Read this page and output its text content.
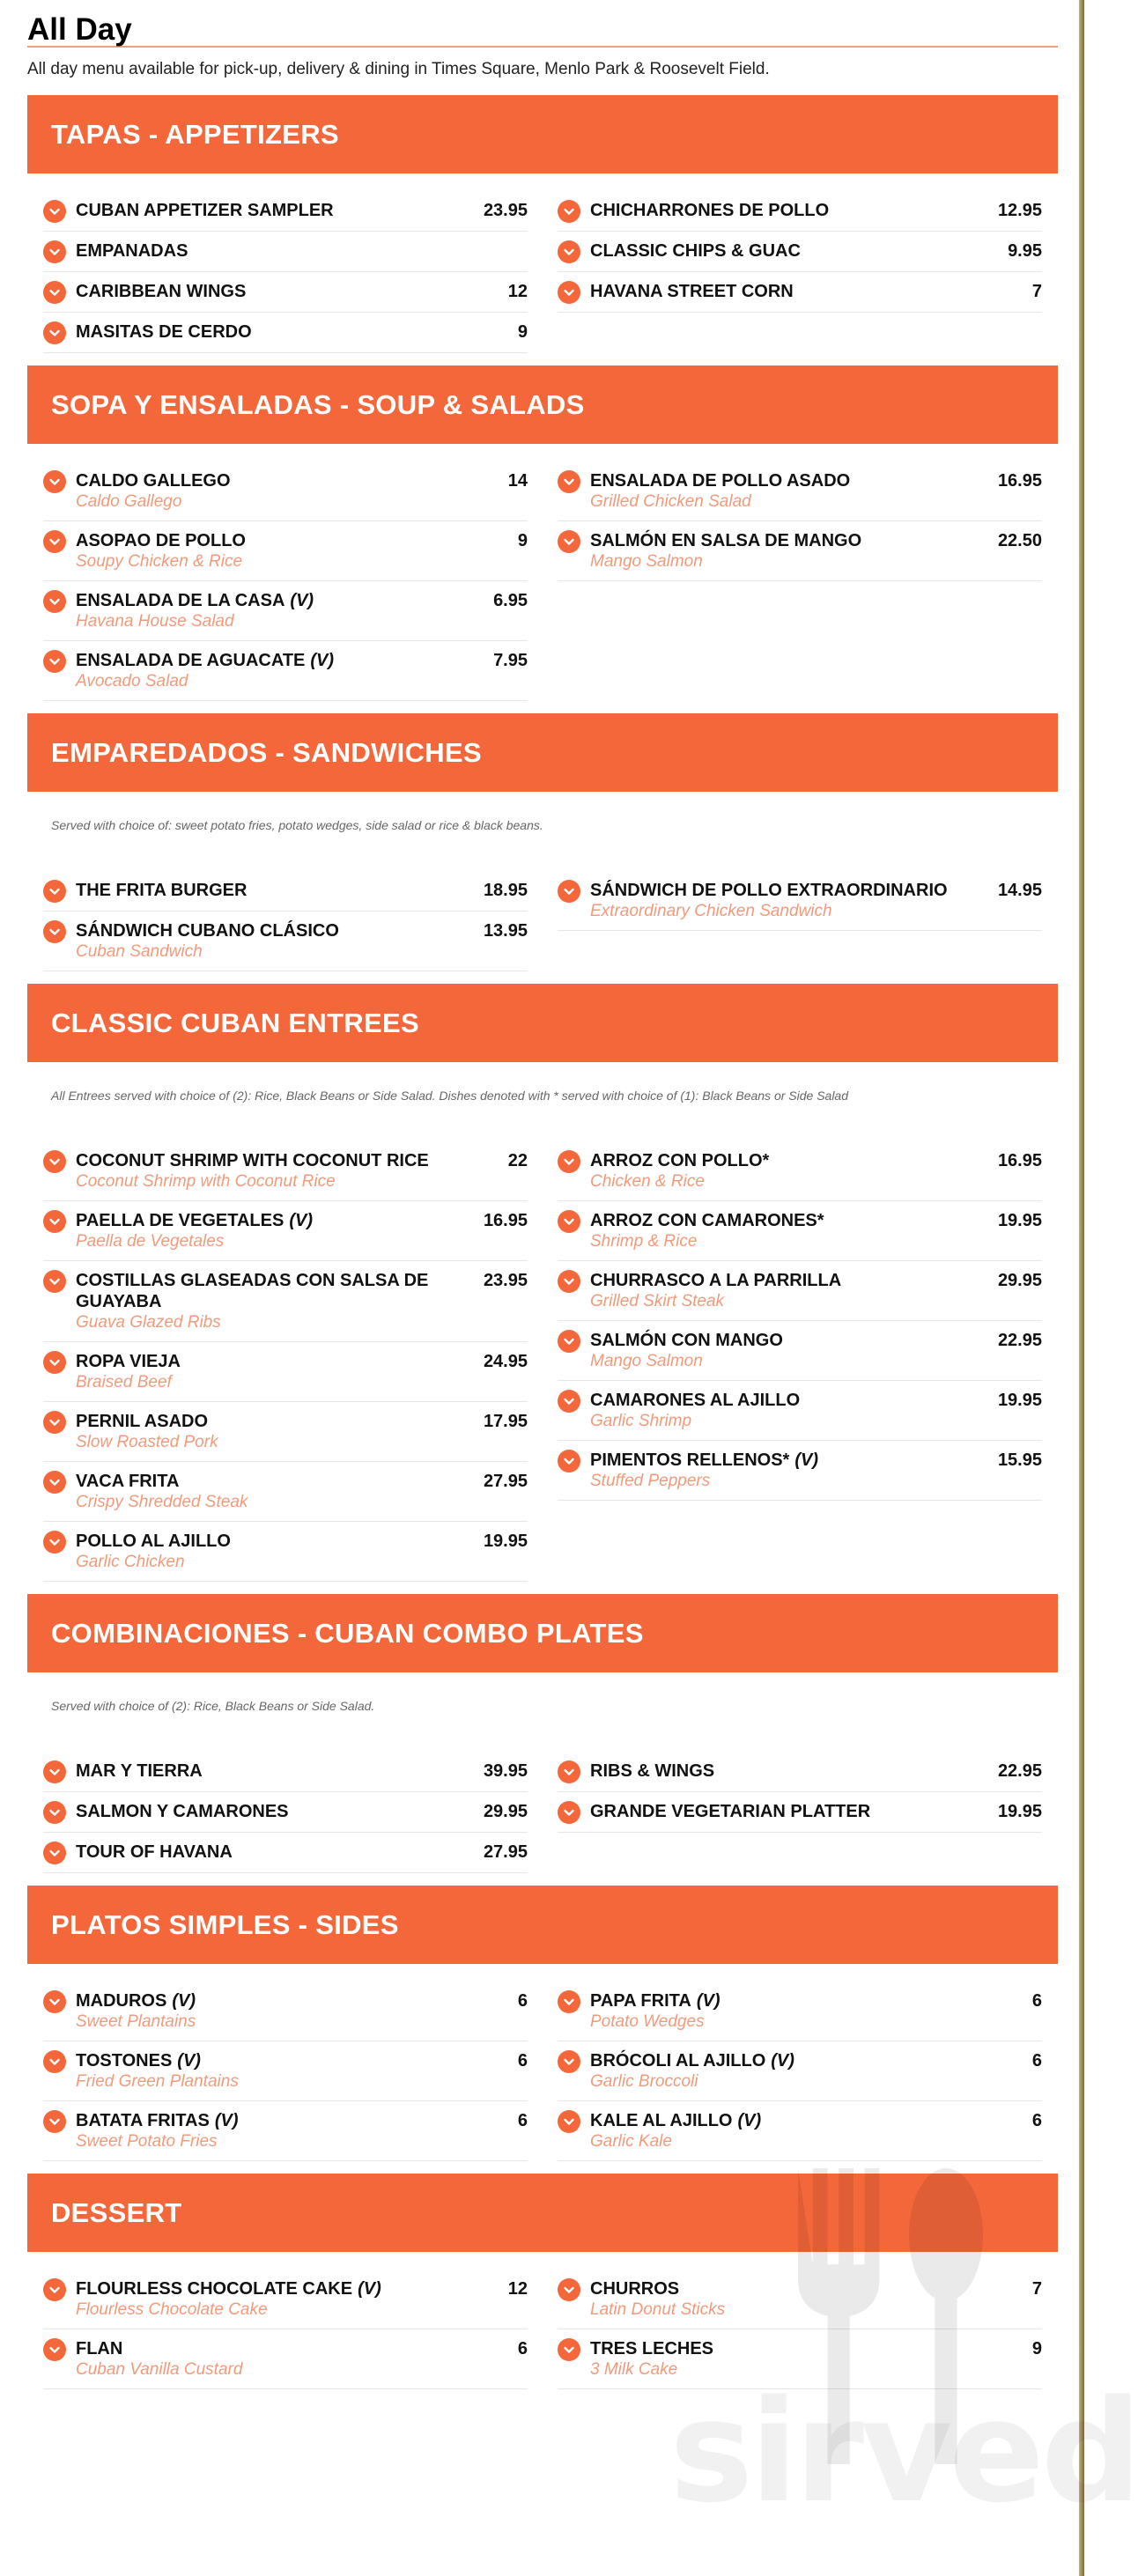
All Day

All day menu available for pick-up, delivery & dining in Times Square, Menlo Park & Roosevelt Field.

TAPAS - APPETIZERS
CUBAN APPETIZER SAMPLER	23.95
EMPANADAS
CARIBBEAN WINGS	12
MASITAS DE CERDO	9
CHICHARRONES DE POLLO	12.95
CLASSIC CHIPS & GUAC	9.95
HAVANA STREET CORN	7
SOPA Y ENSALADAS - SOUP & SALADS
CALDO GALLEGO	14
Caldo Gallego
ASOPAO DE POLLO	9
Soupy Chicken & Rice
ENSALADA DE LA CASA (V)	6.95
Havana House Salad
ENSALADA DE AGUACATE (V)	7.95
Avocado Salad
ENSALADA DE POLLO ASADO	16.95
Grilled Chicken Salad
SALMÓN EN SALSA DE MANGO	22.50
Mango Salmon
EMPAREDADOS - SANDWICHES
Served with choice of: sweet potato fries, potato wedges, side salad or rice & black beans.
THE FRITA BURGER	18.95
SÁNDWICH CUBANO CLÁSICO	13.95
Cuban Sandwich
SÁNDWICH DE POLLO EXTRAORDINARIO	14.95
Extraordinary Chicken Sandwich
CLASSIC CUBAN ENTREES
All Entrees served with choice of (2): Rice, Black Beans or Side Salad. Dishes denoted with * served with choice of (1): Black Beans or Side Salad
COCONUT SHRIMP WITH COCONUT RICE	22
Coconut Shrimp with Coconut Rice
PAELLA DE VEGETALES (V)	16.95
Paella de Vegetales
COSTILLAS GLASEADAS CON SALSA DE GUAYABA
23.95
Guava Glazed Ribs
ROPA VIEJA	24.95
Braised Beef
PERNIL ASADO	17.95
Slow Roasted Pork
VACA FRITA	27.95
Crispy Shredded Steak
POLLO AL AJILLO	19.95
Garlic Chicken
ARROZ CON POLLO*	16.95
Chicken & Rice
ARROZ CON CAMARONES*	19.95
Shrimp & Rice
CHURRASCO A LA PARRILLA	29.95
Grilled Skirt Steak
SALMÓN CON MANGO	22.95
Mango Salmon
CAMARONES AL AJILLO	19.95
Garlic Shrimp
PIMENTOS RELLENOS* (V)	15.95
Stuffed Peppers
COMBINACIONES - CUBAN COMBO PLATES
Served with choice of (2): Rice, Black Beans or Side Salad.
MAR Y TIERRA	39.95
SALMON Y CAMARONES	29.95
TOUR OF HAVANA	27.95
RIBS & WINGS	22.95
GRANDE VEGETARIAN PLATTER	19.95
PLATOS SIMPLES - SIDES
MADUROS (V)	6
Sweet Plantains
TOSTONES (V)	6
Fried Green Plantains
BATATA FRITAS (V)	6
Sweet Potato Fries
PAPA FRITA (V)	6
Potato Wedges
BRÓCOLI AL AJILLO (V)	6
Garlic Broccoli
KALE AL AJILLO (V)	6
Garlic Kale
DESSERT
FLOURLESS CHOCOLATE CAKE (V)	12
Flourless Chocolate Cake
FLAN	6
Cuban Vanilla Custard
CHURROS	7
Latin Donut Sticks
TRES LECHES	9
3 Milk Cake
sirved
